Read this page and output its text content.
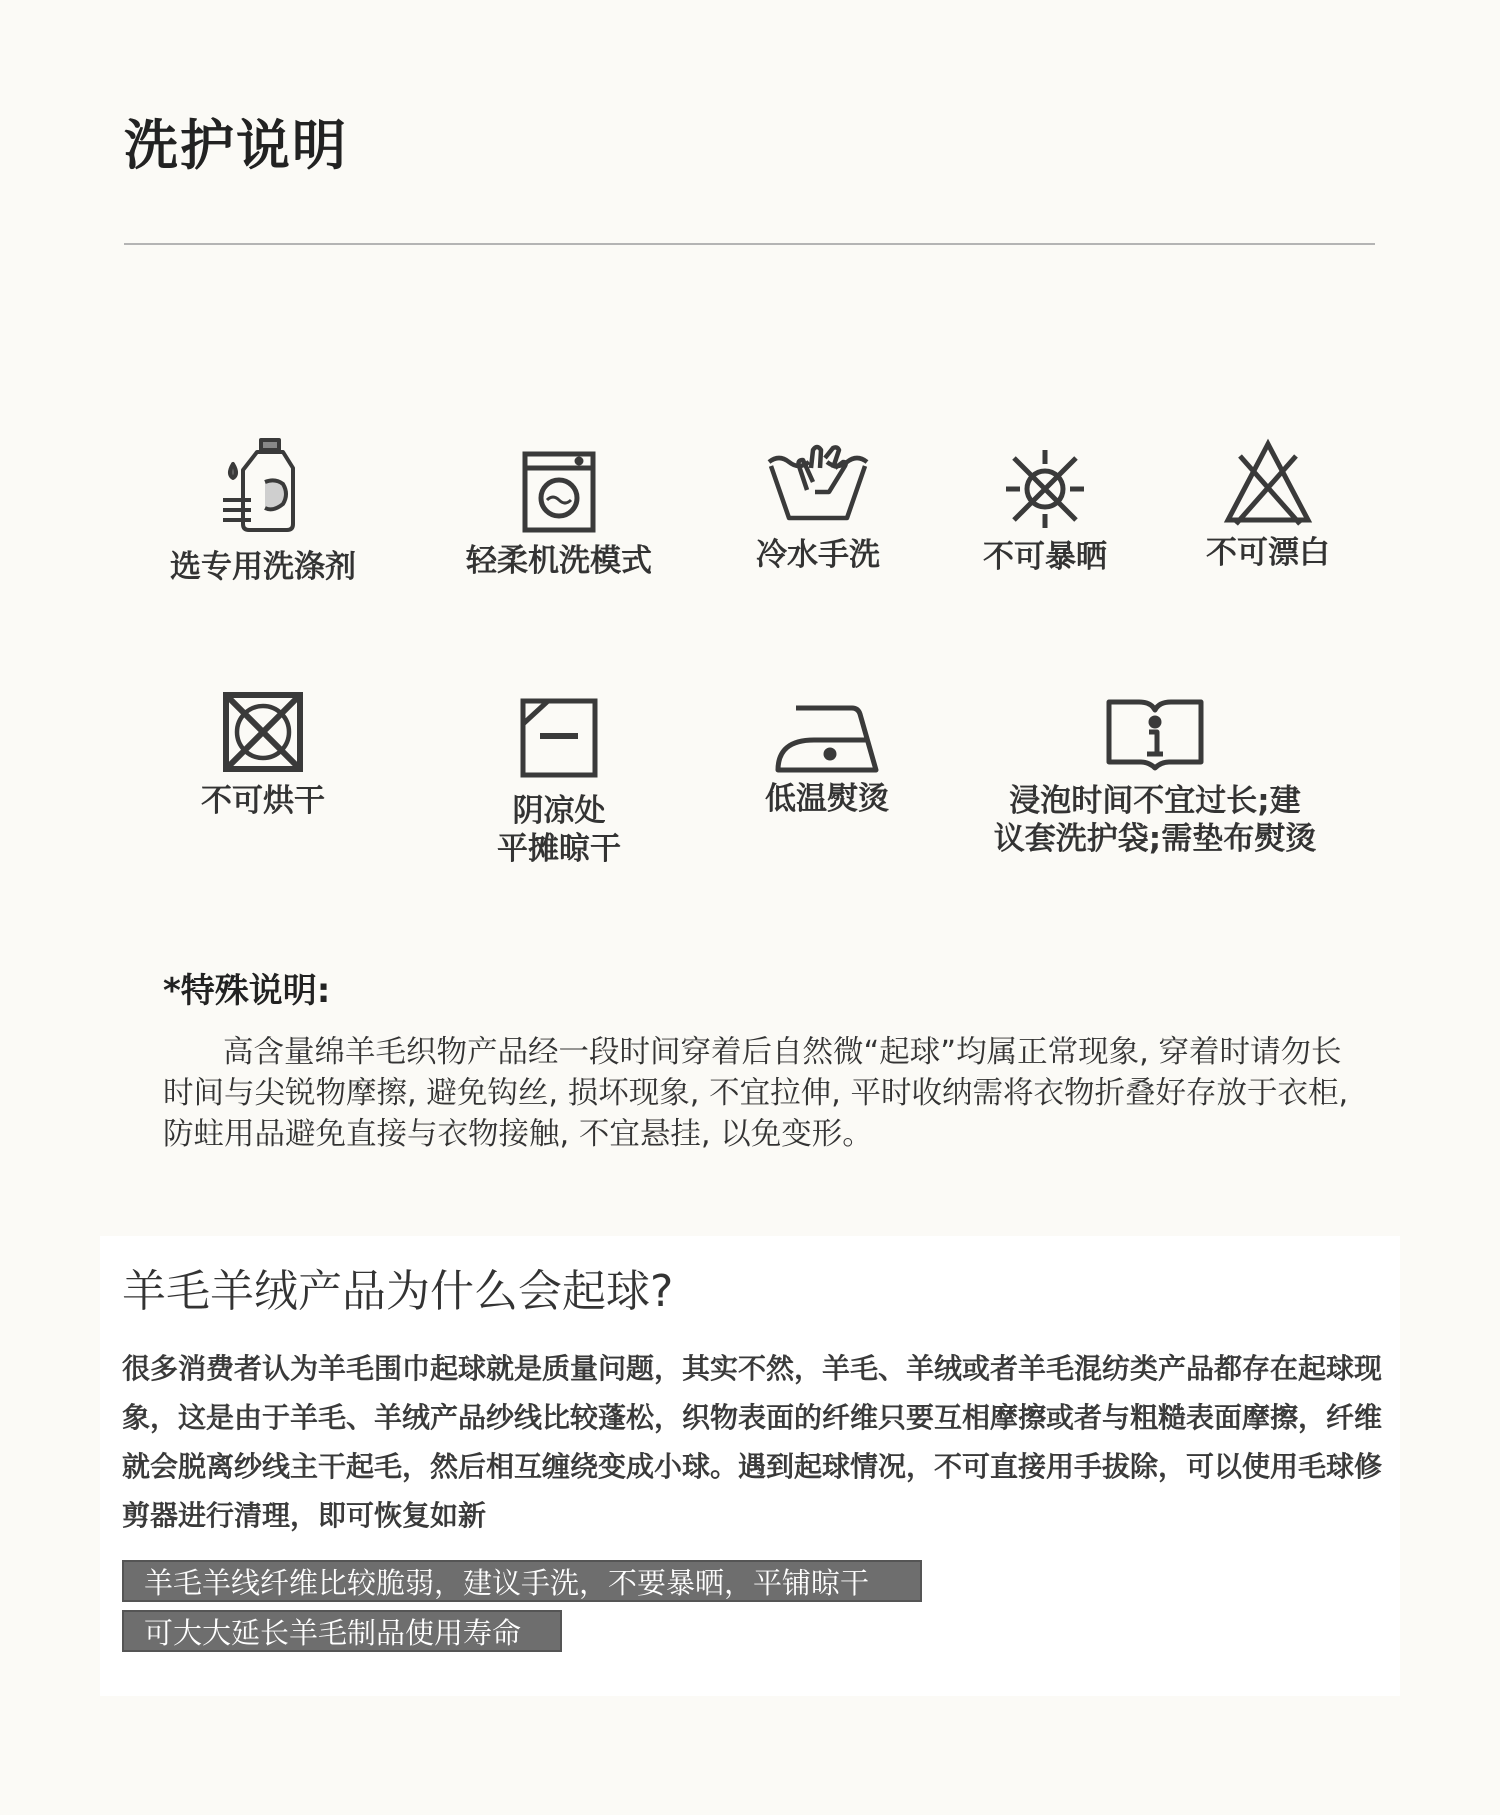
洗护说明
选专用洗涤剂	轻柔机洗模式	冷水手洗	不可暴晒	不可漂白
不可烘干	阴凉处
平摊晾干
低温熨烫	浸泡时间不宜过长;建
议套洗护袋;需垫布熨烫
*特殊说明:

高含量绵羊毛织物产品经一段时间穿着后自然微“起球”均属正常现象, 穿着时请勿长时间与尖锐物摩擦, 避免钩丝, 损坏现象, 不宜拉伸, 平时收纳需将衣物折叠好存放于衣柜, 防蛀用品避免直接与衣物接触, 不宜悬挂, 以免变形。

羊毛羊绒产品为什么会起球?

很多消费者认为羊毛围巾起球就是质量问题，其实不然，羊毛、羊绒或者羊毛混纺类产品都存在起球现象，这是由于羊毛、羊绒产品纱线比较蓬松，织物表面的纤维只要互相摩擦或者与粗糙表面摩擦，纤维就会脱离纱线主干起毛，然后相互缠绕变成小球。遇到起球情况，不可直接用手拔除，可以使用毛球修剪器进行清理，即可恢复如新

羊毛羊线纤维比较脆弱，建议手洗，不要暴晒，平铺晾干
可大大延长羊毛制品使用寿命
